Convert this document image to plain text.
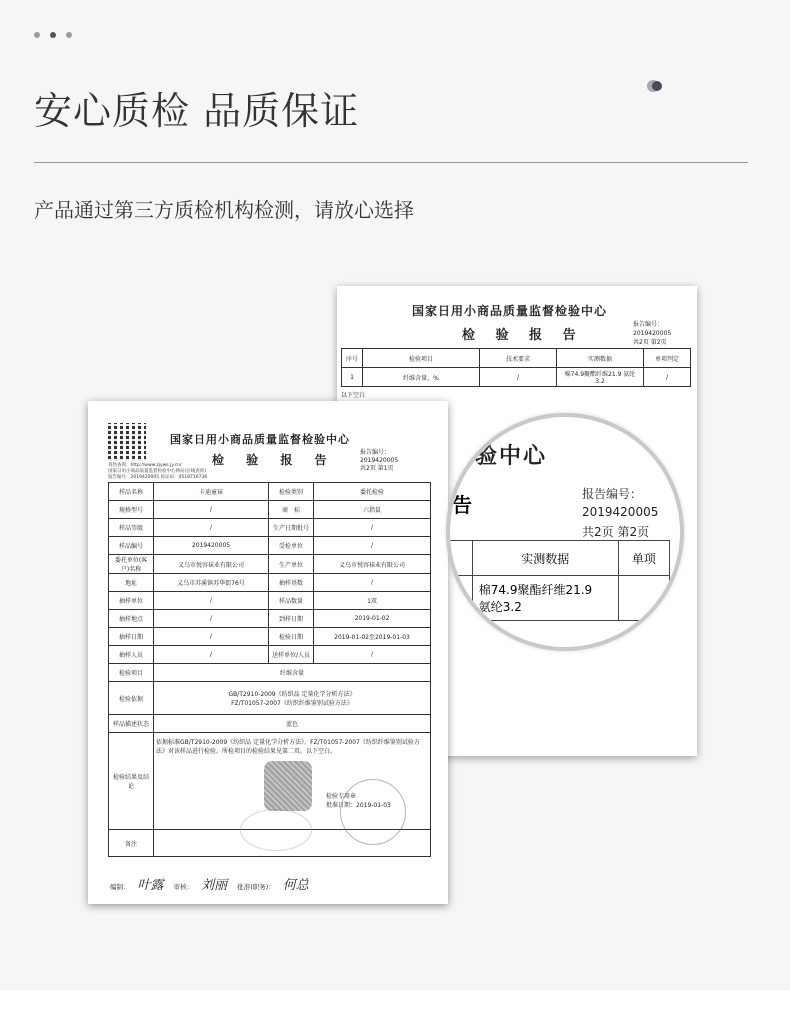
安心质检 品质保证
产品通过第三方质检机构检测，请放心选择
国家日用小商品质量监督检验中心
检 验 报 告
报告编号：
2019420005
共2页 第2页
序号	检验项目	技术要求	实测数据	单项判定
1	纤维含量，%	/	棉74.9聚酯纤维21.9 氨纶3.2	/
以下空白
国家日用小商品质量监督检验中心
检 验 报 告
真伪查询：http://www.zjyws.jy.cn/
国家日用小商品质量监督检验中心网站(在线查询)
报告编号：2019420005 验证码：4518716736
报告编号：
2019420005
共2页 第1页
样品名称	卡迪童袜	检验类别	委托检验
规格型号	/	商　标	六指鼠
样品等级	/	生产日期批号	/
样品编号	2019420005	受检单位	/
委托单位(客户)名称	义乌市悦容袜业有限公司	生产单位	义乌市悦容袜业有限公司
地址	义乌市苏溪镇苏华街76号	抽样基数	/
抽样单位	/	样品数量	1双
抽样地点	/	到样日期	2019-01-02
抽样日期	/	检验日期	2019-01-02至2019-01-03
抽样人员	/	送样单位/人员	/
检验项目	纤维含量		
检验依据	GB/T2910-2009《纺织品 定量化学分析方法》
FZ/T01057-2007《纺织纤维鉴别试验方法》		

样品描述状态	蓝色		
检验结果及结论	依据标准GB/T2910-2009《纺织品 定量化学分析方法》、FZ/T01057-2007《纺织纤维鉴别试验方法》对该样品进行检验。所检项目的检验结果见第二页。以下空白。
检验专用章
批准日期：2019-01-03		

备注			
编制： 叶露 审核： 刘丽 批准(职务)： 何总
验中心
告	报告编号：
2019420005
共2页 第2页
	实测数据	单项

	棉74.9聚酯纤维21.9
氨纶3.2	
